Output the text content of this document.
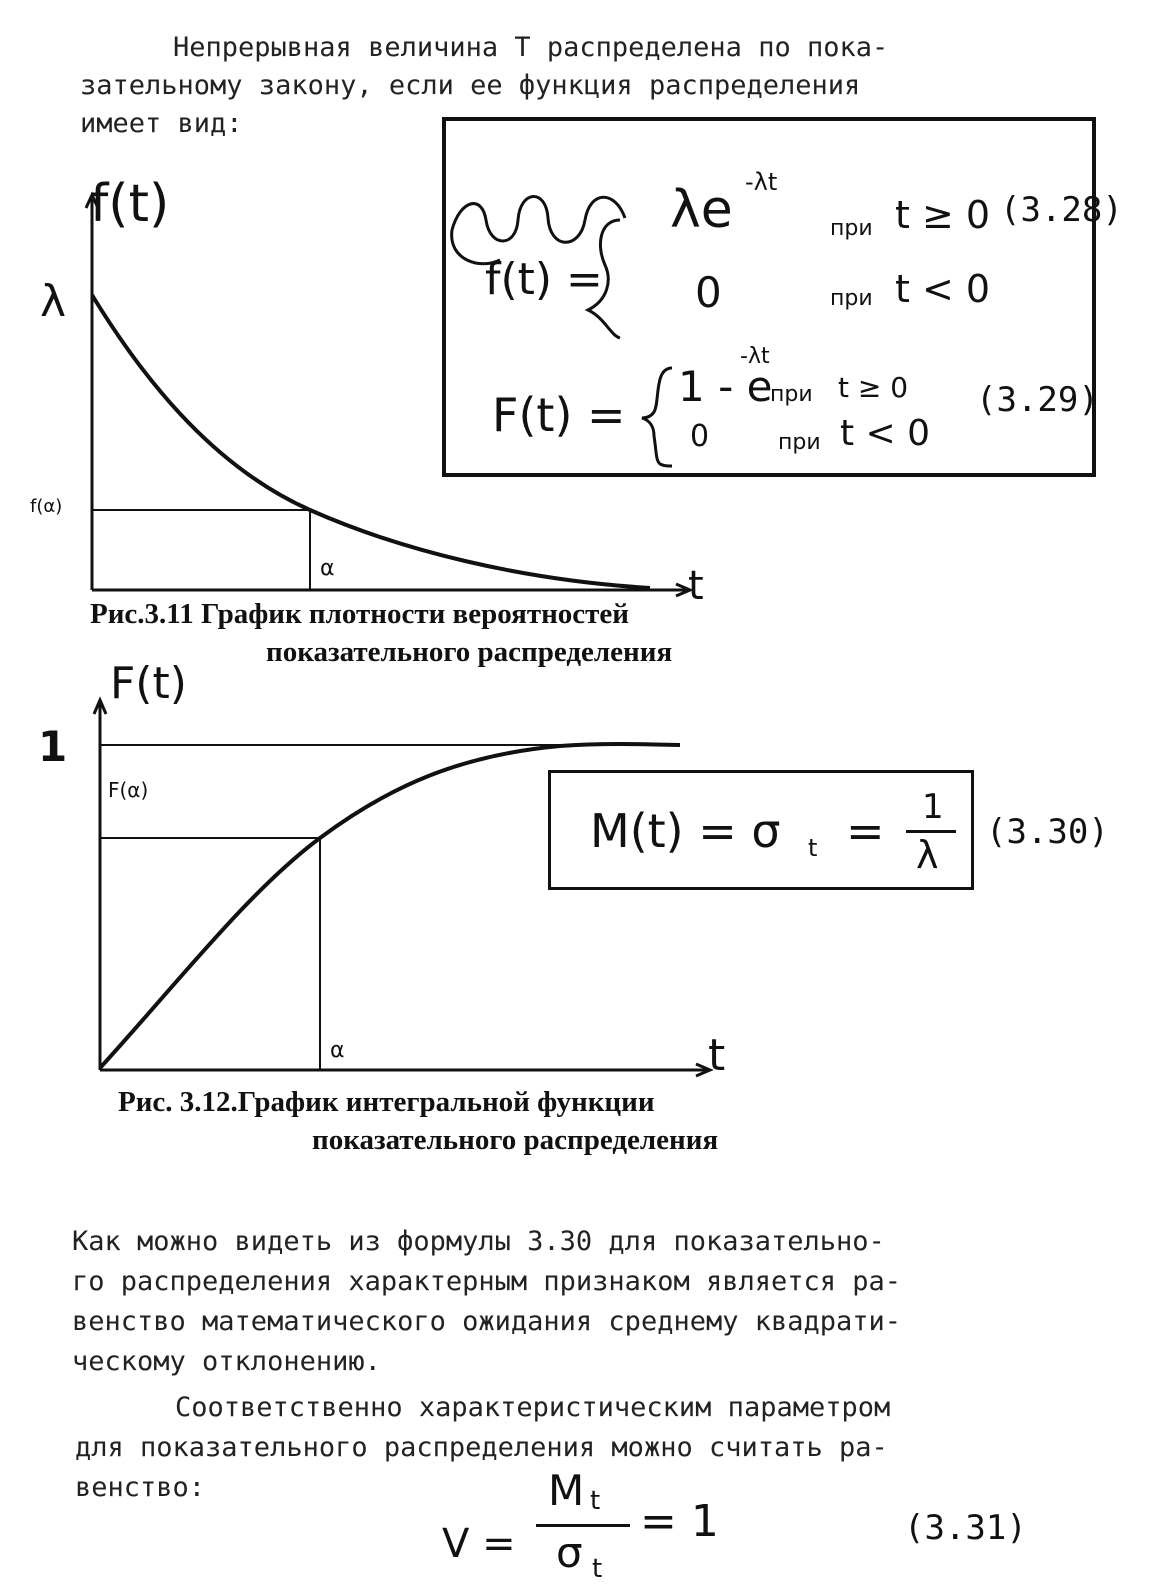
Непрерывная величина T распределена по пока-
зательному закону, если ее функция распределения
имеет вид:
f(t) =
λe -λt
при t ≥ 0 (3.28)
0	при t < 0
F(t) =
1 - e
-λt
при t ≥ 0 (3.29)
0	при t < 0
f(t)
λ
f(α)
α	t
Рис.3.11 График плотности вероятностей
показательного распределения
F(t)
1
F(α)
α	t
Рис. 3.12.График интегральной функции
показательного распределения
M(t) = σ t = 1
λ
(3.30)
Как можно видеть из формулы 3.30 для показательно-
го распределения характерным признаком является ра-
венство математического ожидания среднему квадрати-
ческому отклонению.
Соответственно характеристическим параметром
для показательного распределения можно считать ра-
венство:
V =
M t
σ t
= 1	(3.31)
